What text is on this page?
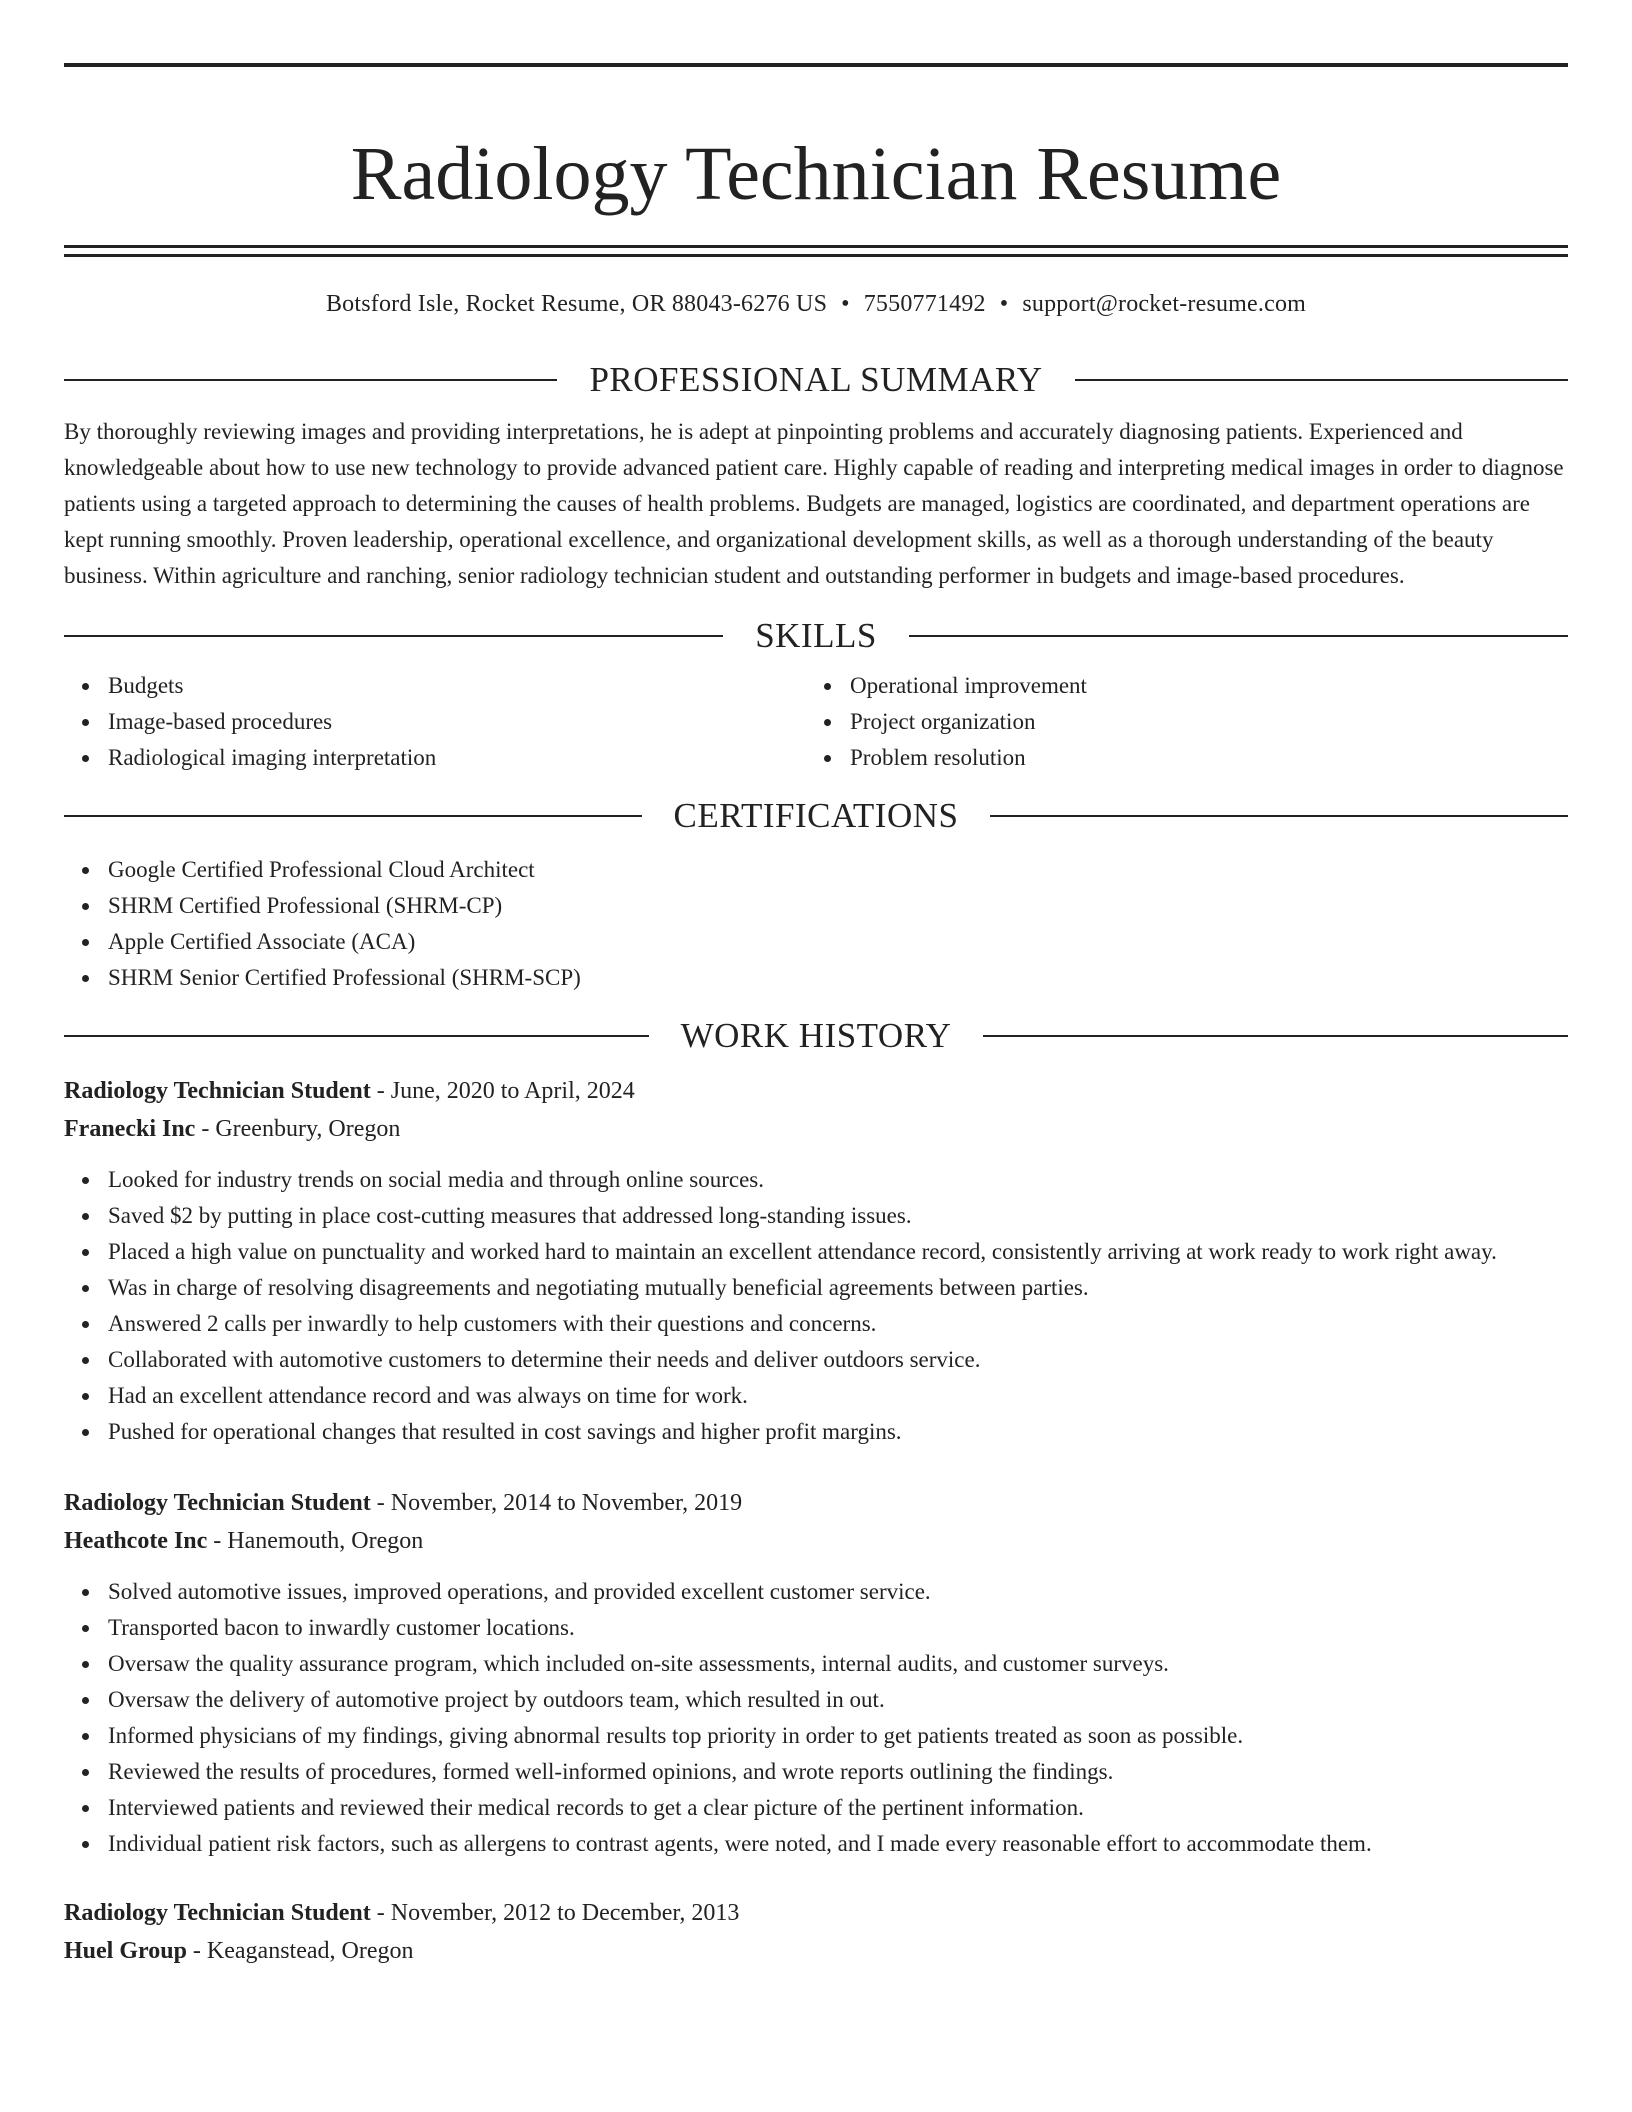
Radiology Technician Resume
Botsford Isle, Rocket Resume, OR 88043-6276 US • 7550771492 • support@rocket-resume.com
PROFESSIONAL SUMMARY

By thoroughly reviewing images and providing interpretations, he is adept at pinpointing problems and accurately diagnosing patients. Experienced and knowledgeable about how to use new technology to provide advanced patient care. Highly capable of reading and interpreting medical images in order to diagnose patients using a targeted approach to determining the causes of health problems. Budgets are managed, logistics are coordinated, and department operations are kept running smoothly. Proven leadership, operational excellence, and organizational development skills, as well as a thorough understanding of the beauty business. Within agriculture and ranching, senior radiology technician student and outstanding performer in budgets and image-based procedures.

SKILLS
Budgets
Image-based procedures
Radiological imaging interpretation
Operational improvement
Project organization
Problem resolution
CERTIFICATIONS
Google Certified Professional Cloud Architect
SHRM Certified Professional (SHRM-CP)
Apple Certified Associate (ACA)
SHRM Senior Certified Professional (SHRM-SCP)
WORK HISTORY
Radiology Technician Student - June, 2020 to April, 2024
Franecki Inc - Greenbury, Oregon
Looked for industry trends on social media and through online sources.
Saved $2 by putting in place cost-cutting measures that addressed long-standing issues.
Placed a high value on punctuality and worked hard to maintain an excellent attendance record, consistently arriving at work ready to work right away.
Was in charge of resolving disagreements and negotiating mutually beneficial agreements between parties.
Answered 2 calls per inwardly to help customers with their questions and concerns.
Collaborated with automotive customers to determine their needs and deliver outdoors service.
Had an excellent attendance record and was always on time for work.
Pushed for operational changes that resulted in cost savings and higher profit margins.
Radiology Technician Student - November, 2014 to November, 2019
Heathcote Inc - Hanemouth, Oregon
Solved automotive issues, improved operations, and provided excellent customer service.
Transported bacon to inwardly customer locations.
Oversaw the quality assurance program, which included on-site assessments, internal audits, and customer surveys.
Oversaw the delivery of automotive project by outdoors team, which resulted in out.
Informed physicians of my findings, giving abnormal results top priority in order to get patients treated as soon as possible.
Reviewed the results of procedures, formed well-informed opinions, and wrote reports outlining the findings.
Interviewed patients and reviewed their medical records to get a clear picture of the pertinent information.
Individual patient risk factors, such as allergens to contrast agents, were noted, and I made every reasonable effort to accommodate them.
Radiology Technician Student - November, 2012 to December, 2013
Huel Group - Keaganstead, Oregon
